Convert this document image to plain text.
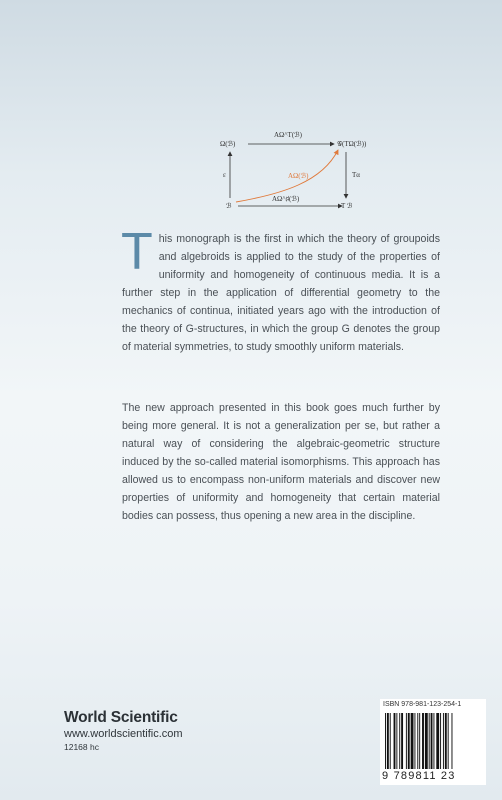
Ω(ℬ)	𝒢(TΩ(ℬ))
ℬ	T ℬ
AΩ^T(ℬ)
AΩ^♯(ℬ)
ε	Tα
AΩ(ℬ)
This monograph is the first in which the theory of groupoids and algebroids is applied to the study of the properties of uniformity and homogeneity of continuous media. It is a further step in the application of differential geometry to the mechanics of continua, initiated years ago with the introduction of the theory of G-structures, in which the group G denotes the group of material symmetries, to study smoothly uniform materials.
The new approach presented in this book goes much further by being more general. It is not a generalization per se, but rather a natural way of considering the algebraic-geometric structure induced by the so-called material isomorphisms. This approach has allowed us to encompass non-uniform materials and discover new properties of uniformity and homogeneity that certain material bodies can possess, thus opening a new area in the discipline.
World Scientific
www.worldscientific.com
12168 hc
ISBN 978-981-123-254-1
9 789811 23
